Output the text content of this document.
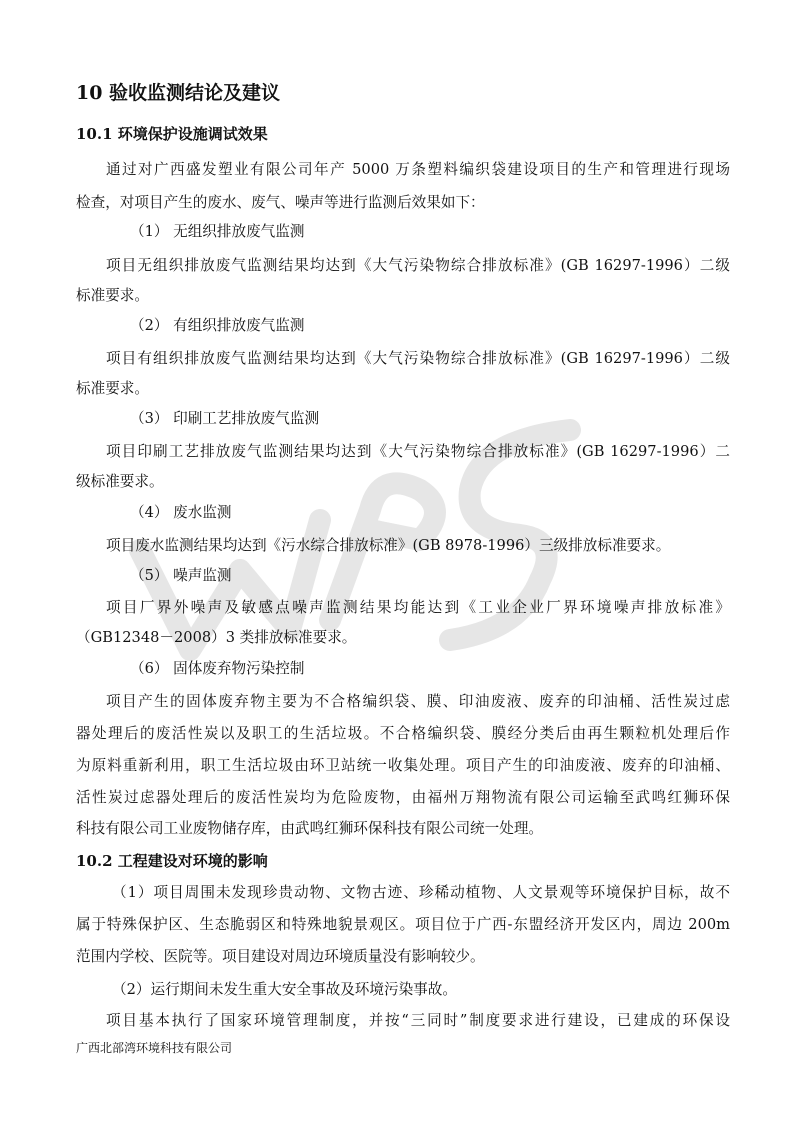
10 验收监测结论及建议
10.1 环境保护设施调试效果
通过对广西盛发塑业有限公司年产 5000 万条塑料编织袋建设项目的生产和管理进行现场
检查，对项目产生的废水、废气、噪声等进行监测后效果如下：
（1） 无组织排放废气监测
项目无组织排放废气监测结果均达到《大气污染物综合排放标准》(GB 16297-1996）二级
标准要求。
（2） 有组织排放废气监测
项目有组织排放废气监测结果均达到《大气污染物综合排放标准》(GB 16297-1996）二级
标准要求。
（3） 印刷工艺排放废气监测
项目印刷工艺排放废气监测结果均达到《大气污染物综合排放标准》(GB 16297-1996）二
级标准要求。
（4） 废水监测
项目废水监测结果均达到《污水综合排放标准》(GB 8978-1996）三级排放标准要求。
（5） 噪声监测
项目厂界外噪声及敏感点噪声监测结果均能达到《工业企业厂界环境噪声排放标准》
（GB12348－2008）3 类排放标准要求。
（6） 固体废弃物污染控制
项目产生的固体废弃物主要为不合格编织袋、膜、印油废液、废弃的印油桶、活性炭过虑
器处理后的废活性炭以及职工的生活垃圾。不合格编织袋、膜经分类后由再生颗粒机处理后作
为原料重新利用，职工生活垃圾由环卫站统一收集处理。项目产生的印油废液、废弃的印油桶、
活性炭过虑器处理后的废活性炭均为危险废物，由福州万翔物流有限公司运输至武鸣红狮环保
科技有限公司工业废物储存库，由武鸣红狮环保科技有限公司统一处理。
10.2 工程建设对环境的影响
（1）项目周围未发现珍贵动物、文物古迹、珍稀动植物、人文景观等环境保护目标，故不
属于特殊保护区、生态脆弱区和特殊地貌景观区。项目位于广西-东盟经济开发区内，周边 200m
范围内学校、医院等。项目建设对周边环境质量没有影响较少。
（2）运行期间未发生重大安全事故及环境污染事故。
项目基本执行了国家环境管理制度，并按“三同时”制度要求进行建设，已建成的环保设
广西北部湾环境科技有限公司
